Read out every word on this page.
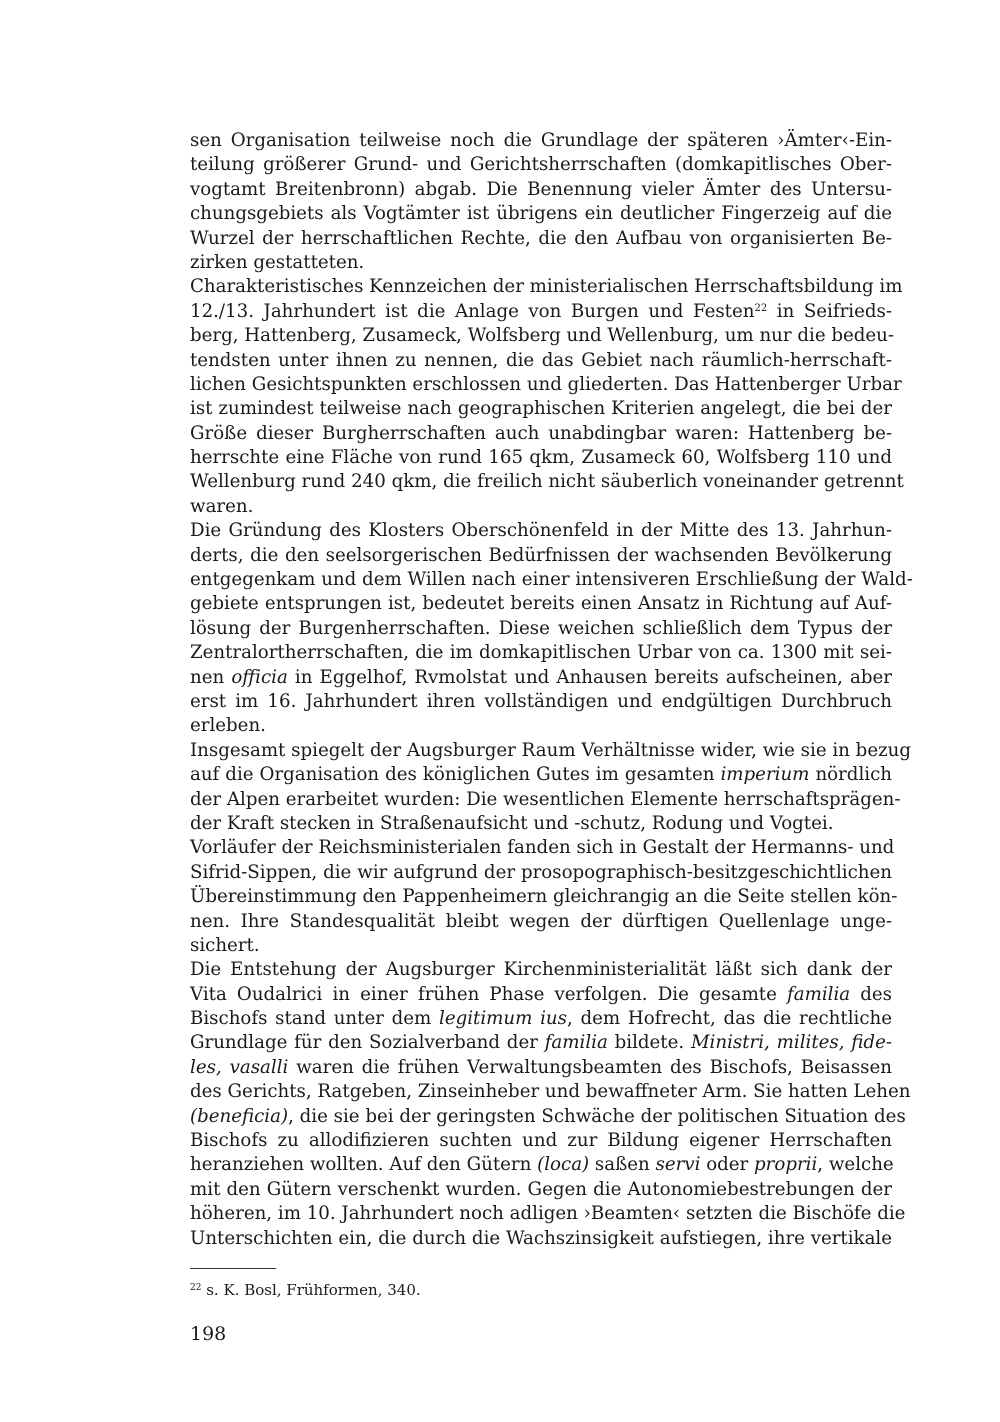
sen Organisation teilweise noch die Grundlage der späteren ›Ämter‹-Ein-
teilung größerer Grund- und Gerichtsherrschaften (domkapitlisches Ober-
vogtamt Breitenbronn) abgab. Die Benennung vieler Ämter des Untersu-
chungsgebiets als Vogtämter ist übrigens ein deutlicher Fingerzeig auf die
Wurzel der herrschaftlichen Rechte, die den Aufbau von organisierten Be-
zirken gestatteten.
Charakteristisches Kennzeichen der ministerialischen Herrschaftsbildung im
12./13. Jahrhundert ist die Anlage von Burgen und Festen$^{22}$ in Seifrieds-
berg, Hattenberg, Zusameck, Wolfsberg und Wellenburg, um nur die bedeu-
tendsten unter ihnen zu nennen, die das Gebiet nach räumlich-herrschaft-
lichen Gesichtspunkten erschlossen und gliederten. Das Hattenberger Urbar
ist zumindest teilweise nach geographischen Kriterien angelegt, die bei der
Größe dieser Burgherrschaften auch unabdingbar waren: Hattenberg be-
herrschte eine Fläche von rund 165 qkm, Zusameck 60, Wolfsberg 110 und
Wellenburg rund 240 qkm, die freilich nicht säuberlich voneinander getrennt
waren.
Die Gründung des Klosters Oberschönenfeld in der Mitte des 13. Jahrhun-
derts, die den seelsorgerischen Bedürfnissen der wachsenden Bevölkerung
entgegenkam und dem Willen nach einer intensiveren Erschließung der Wald-
gebiete entsprungen ist, bedeutet bereits einen Ansatz in Richtung auf Auf-
lösung der Burgenherrschaften. Diese weichen schließlich dem Typus der
Zentralortherrschaften, die im domkapitlischen Urbar von ca. 1300 mit sei-
nen officia in Eggelhof, Rvmolstat und Anhausen bereits aufscheinen, aber
erst im 16. Jahrhundert ihren vollständigen und endgültigen Durchbruch
erleben.
Insgesamt spiegelt der Augsburger Raum Verhältnisse wider, wie sie in bezug
auf die Organisation des königlichen Gutes im gesamten imperium nördlich
der Alpen erarbeitet wurden: Die wesentlichen Elemente herrschaftsprägen-
der Kraft stecken in Straßenaufsicht und -schutz, Rodung und Vogtei.
Vorläufer der Reichsministerialen fanden sich in Gestalt der Hermanns- und
Sifrid-Sippen, die wir aufgrund der prosopographisch-besitzgeschichtlichen
Übereinstimmung den Pappenheimern gleichrangig an die Seite stellen kön-
nen. Ihre Standesqualität bleibt wegen der dürftigen Quellenlage unge-
sichert.
Die Entstehung der Augsburger Kirchenministerialität läßt sich dank der
Vita Oudalrici in einer frühen Phase verfolgen. Die gesamte familia des
Bischofs stand unter dem legitimum ius, dem Hofrecht, das die rechtliche
Grundlage für den Sozialverband der familia bildete. Ministri, milites, fide-
les, vasalli waren die frühen Verwaltungsbeamten des Bischofs, Beisassen
des Gerichts, Ratgeben, Zinseinheber und bewaffneter Arm. Sie hatten Lehen
(beneficia), die sie bei der geringsten Schwäche der politischen Situation des
Bischofs zu allodifizieren suchten und zur Bildung eigener Herrschaften
heranziehen wollten. Auf den Gütern (loca) saßen servi oder proprii, welche
mit den Gütern verschenkt wurden. Gegen die Autonomiebestrebungen der
höheren, im 10. Jahrhundert noch adligen ›Beamten‹ setzten die Bischöfe die
Unterschichten ein, die durch die Wachszinsigkeit aufstiegen, ihre vertikale
$^{22}$ s. K. Bosl, Frühformen, 340.
198
